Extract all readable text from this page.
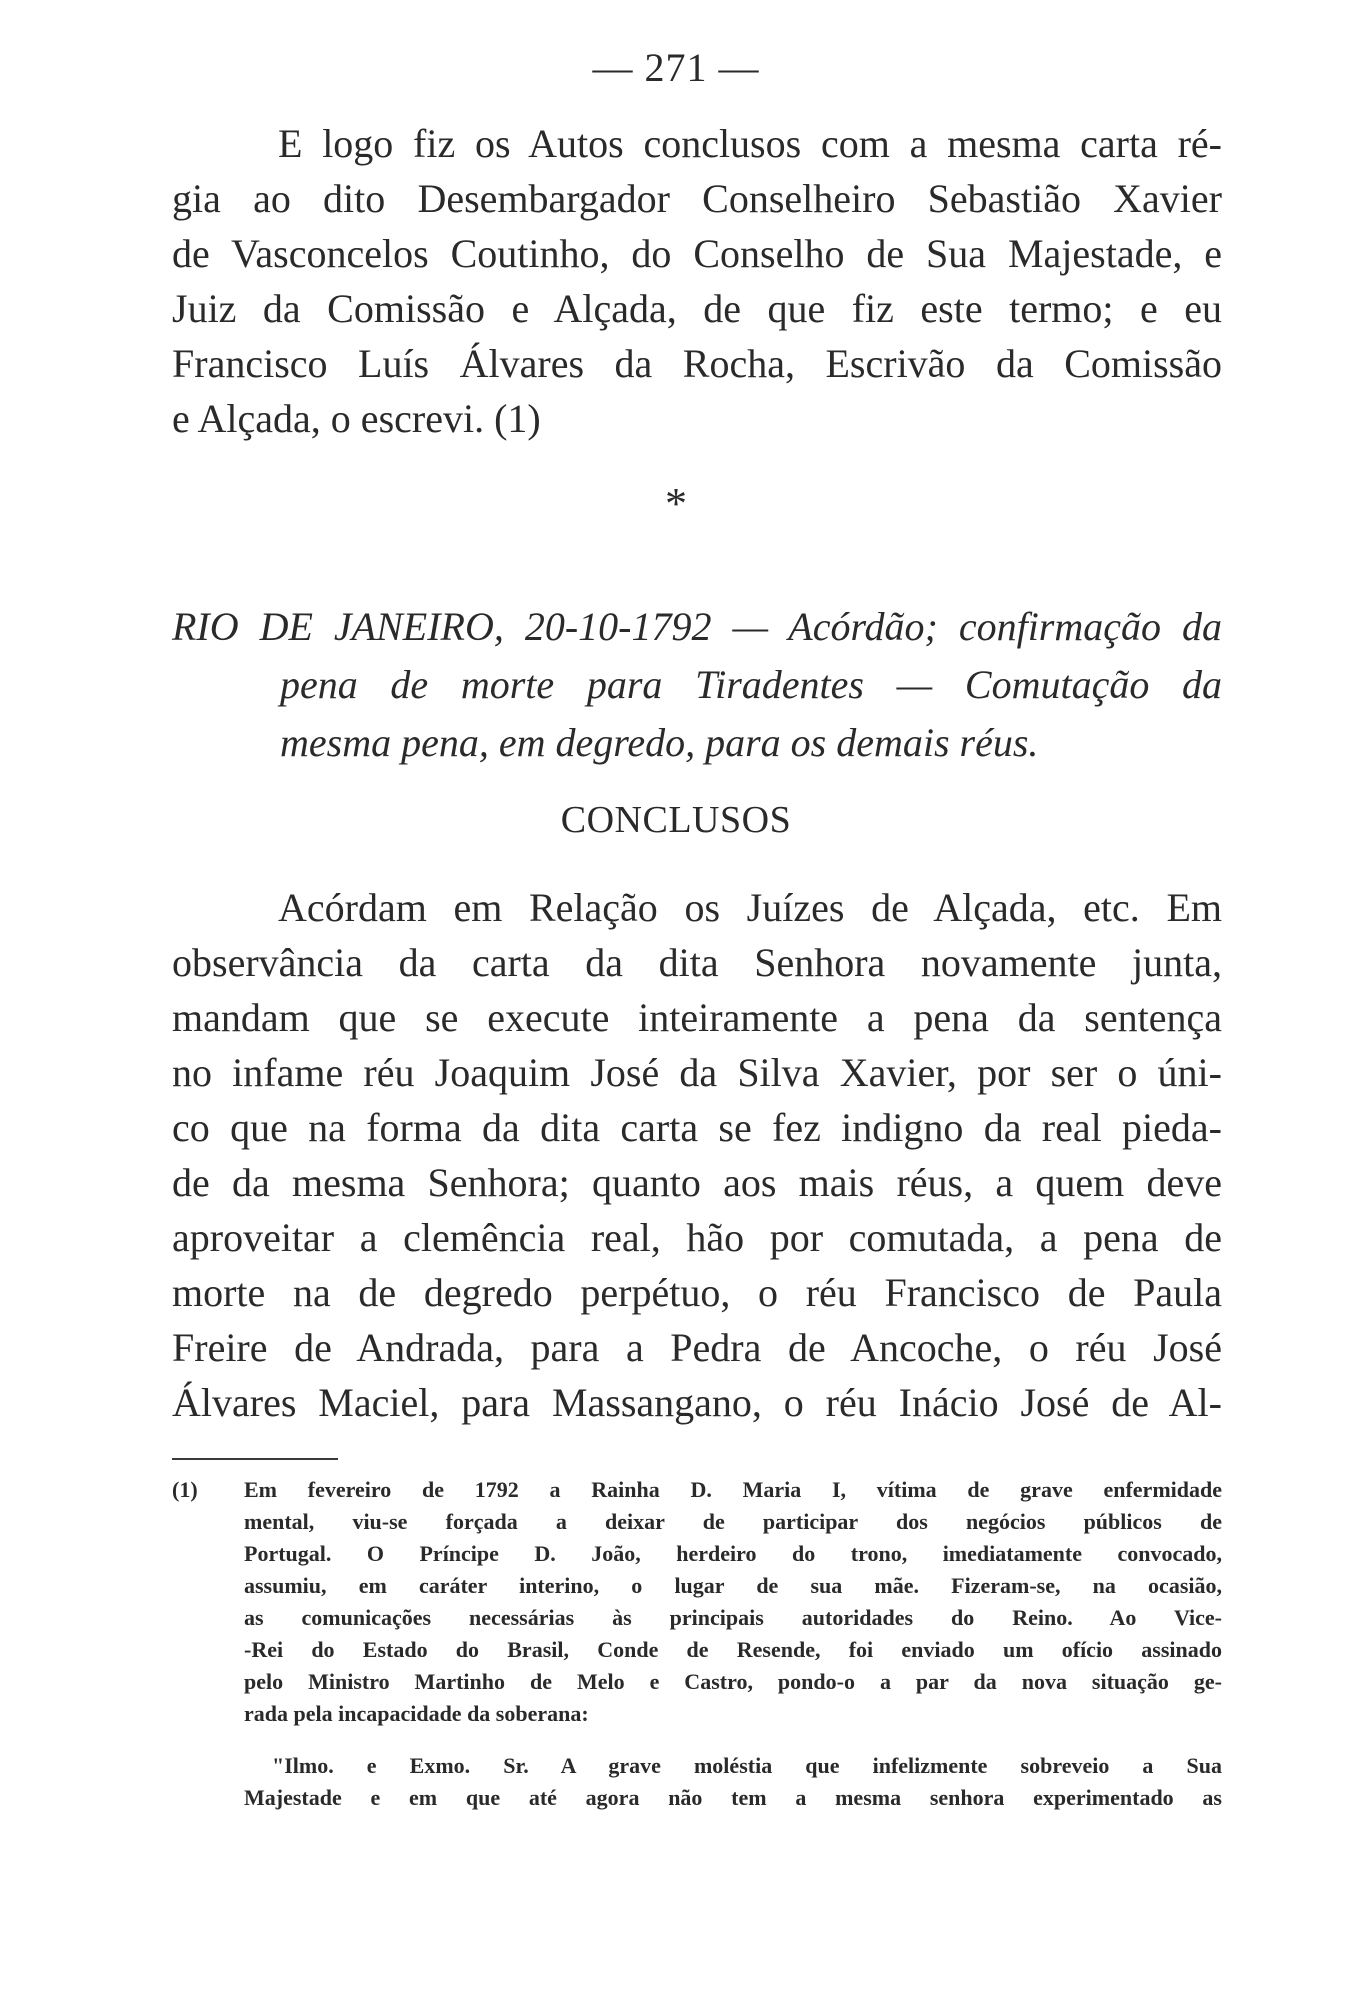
— 271 —
E logo fiz os Autos conclusos com a mesma carta ré-
gia ao dito Desembargador Conselheiro Sebastião Xavier
de Vasconcelos Coutinho, do Conselho de Sua Majestade, e
Juiz da Comissão e Alçada, de que fiz este termo; e eu
Francisco Luís Álvares da Rocha, Escrivão da Comissão
e Alçada, o escrevi. (1)
*
RIO DE JANEIRO, 20-10-1792 — Acórdão; confirmação da
pena de morte para Tiradentes — Comutação da
mesma pena, em degredo, para os demais réus.
CONCLUSOS
Acórdam em Relação os Juízes de Alçada, etc. Em
observância da carta da dita Senhora novamente junta,
mandam que se execute inteiramente a pena da sentença
no infame réu Joaquim José da Silva Xavier, por ser o úni-
co que na forma da dita carta se fez indigno da real pieda-
de da mesma Senhora; quanto aos mais réus, a quem deve
aproveitar a clemência real, hão por comutada, a pena de
morte na de degredo perpétuo, o réu Francisco de Paula
Freire de Andrada, para a Pedra de Ancoche, o réu José
Álvares Maciel, para Massangano, o réu Inácio José de Al-
(1) Em fevereiro de 1792 a Rainha D. Maria I, vítima de grave enfermidade
mental, viu-se forçada a deixar de participar dos negócios públicos de
Portugal. O Príncipe D. João, herdeiro do trono, imediatamente convocado,
assumiu, em caráter interino, o lugar de sua mãe. Fizeram-se, na ocasião,
as comunicações necessárias às principais autoridades do Reino. Ao Vice-
-Rei do Estado do Brasil, Conde de Resende, foi enviado um ofício assinado
pelo Ministro Martinho de Melo e Castro, pondo-o a par da nova situação ge-
rada pela incapacidade da soberana:
"Ilmo. e Exmo. Sr. A grave moléstia que infelizmente sobreveio a Sua
Majestade e em que até agora não tem a mesma senhora experimentado as
